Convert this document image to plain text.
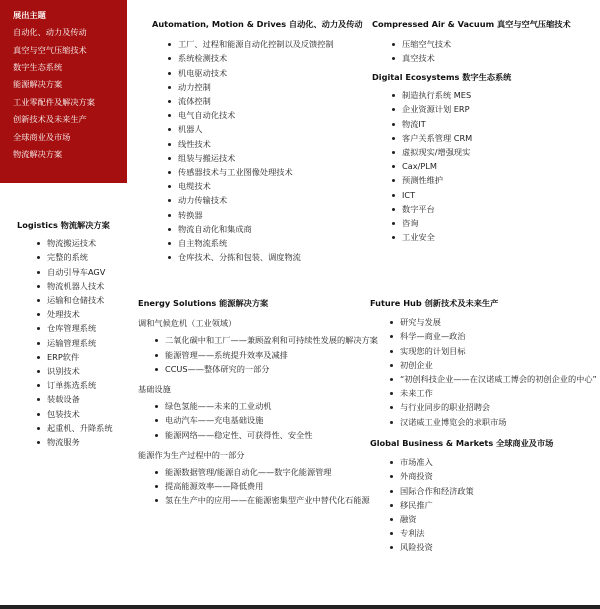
展出主题
自动化、动力及传动
真空与空气压缩技术
数字生态系统
能源解决方案
工业零配件及解决方案
创新技术及未来生产
全球商业及市场
物流解决方案
Automation, Motion & Drives 自动化、动力及传动
工厂、过程和能源自动化控制以及反馈控制
系统检测技术
机电驱动技术
动力控制
流体控制
电气自动化技术
机器人
线性技术
组装与搬运技术
传感器技术与工业图像处理技术
电缆技术
动力传输技术
转换器
物流自动化和集成商
自主物流系统
仓库技术、分拣和包装、调度物流
Compressed Air & Vacuum 真空与空气压缩技术
压缩空气技术
真空技术
Digital Ecosystems 数字生态系统
制造执行系统 MES
企业资源计划 ERP
物流IT
客户关系管理 CRM
虚拟现实/增强现实
Cax/PLM
预测性维护
ICT
数字平台
咨询
工业安全
Logistics 物流解决方案
物流搬运技术
完整的系统
自动引导车AGV
物流机器人技术
运输和仓储技术
处理技术
仓库管理系统
运输管理系统
ERP软件
识别技术
订单拣选系统
装载设备
包装技术
起重机、升降系统
物流服务
Energy Solutions 能源解决方案
调和气候危机（工业领域）
二氧化碳中和工厂——兼顾盈利和可持续性发展的解决方案
能源管理——系统提升效率及减排
CCUS——整体研究的一部分
基础设施
绿色氢能——未来的工业动机
电动汽车——充电基础设施
能源网络——稳定性、可获得性、安全性
能源作为生产过程中的一部分
能源数据管理/能源自动化——数字化能源管理
提高能源效率——降低费用
氢在生产中的应用——在能源密集型产业中替代化石能源
Future Hub 创新技术及未来生产
研究与发展
科学—商业—政治
实现您的计划目标
初创企业
“初创科技企业——在汉诺威工博会的初创企业的中心”
未来工作
与行业同步的职业招聘会
汉诺威工业博览会的求职市场
Global Business & Markets 全球商业及市场
市场准入
外商投资
国际合作和经济政策
移民推广
融资
专利法
风险投资
